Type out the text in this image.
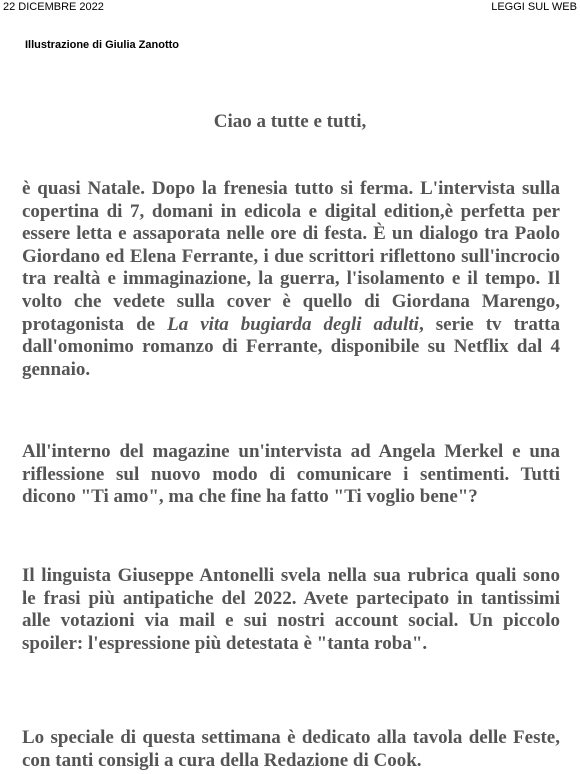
22 DICEMBRE 2022	LEGGI SUL WEB
Illustrazione di Giulia Zanotto
Ciao a tutte e tutti,

è quasi Natale. Dopo la frenesia tutto si ferma. L'intervista sulla copertina di 7, domani in edicola e digital edition,è perfetta per essere letta e assaporata nelle ore di festa. È un dialogo tra Paolo Giordano ed Elena Ferrante, i due scrittori riflettono sull'incrocio tra realtà e immaginazione, la guerra, l'isolamento e il tempo. Il volto che vedete sulla cover è quello di Giordana Marengo, protagonista de La vita bugiarda degli adulti, serie tv tratta dall'omonimo romanzo di Ferrante, disponibile su Netflix dal 4 gennaio.

All'interno del magazine un'intervista ad Angela Merkel e una riflessione sul nuovo modo di comunicare i sentimenti. Tutti dicono "Ti amo", ma che fine ha fatto "Ti voglio bene"?

Il linguista Giuseppe Antonelli svela nella sua rubrica quali sono le frasi più antipatiche del 2022. Avete partecipato in tantissimi alle votazioni via mail e sui nostri account social. Un piccolo spoiler: l'espressione più detestata è "tanta roba".

Lo speciale di questa settimana è dedicato alla tavola delle Feste, con tanti consigli a cura della Redazione di Cook.
